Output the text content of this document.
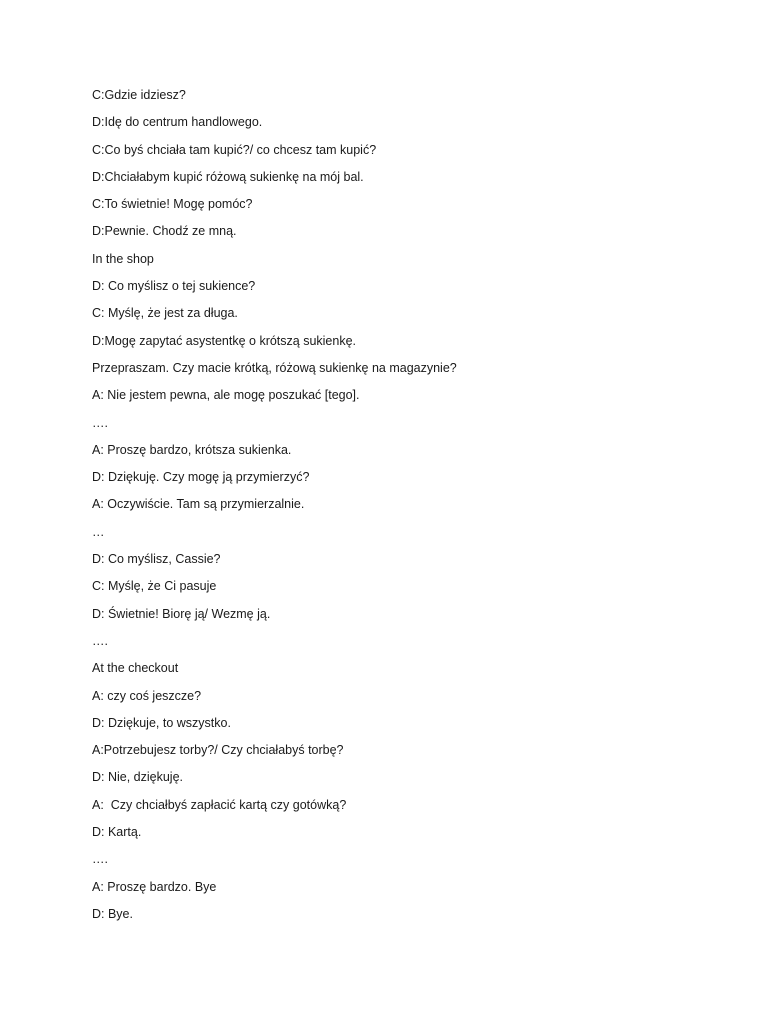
C:Gdzie idziesz?
D:Idę do centrum handlowego.
C:Co byś chciała tam kupić?/ co chcesz tam kupić?
D:Chciałabym kupić różową sukienkę na mój bal.
C:To świetnie! Mogę pomóc?
D:Pewnie. Chodź ze mną.
In the shop
D: Co myślisz o tej sukience?
C: Myślę, że jest za długa.
D:Mogę zapytać asystentkę o krótszą sukienkę.
Przepraszam. Czy macie krótką, różową sukienkę na magazynie?
A: Nie jestem pewna, ale mogę poszukać [tego].
….
A: Proszę bardzo, krótsza sukienka.
D: Dziękuję. Czy mogę ją przymierzyć?
A: Oczywiście. Tam są przymierzalnie.
…
D: Co myślisz, Cassie?
C: Myślę, że Ci pasuje
D: Świetnie! Biorę ją/ Wezmę ją.
….
At the checkout
A: czy coś jeszcze?
D: Dziękuje, to wszystko.
A:Potrzebujesz torby?/ Czy chciałabyś torbę?
D: Nie, dziękuję.
A:  Czy chciałbyś zapłacić kartą czy gotówką?
D: Kartą.
….
A: Proszę bardzo. Bye
D: Bye.
